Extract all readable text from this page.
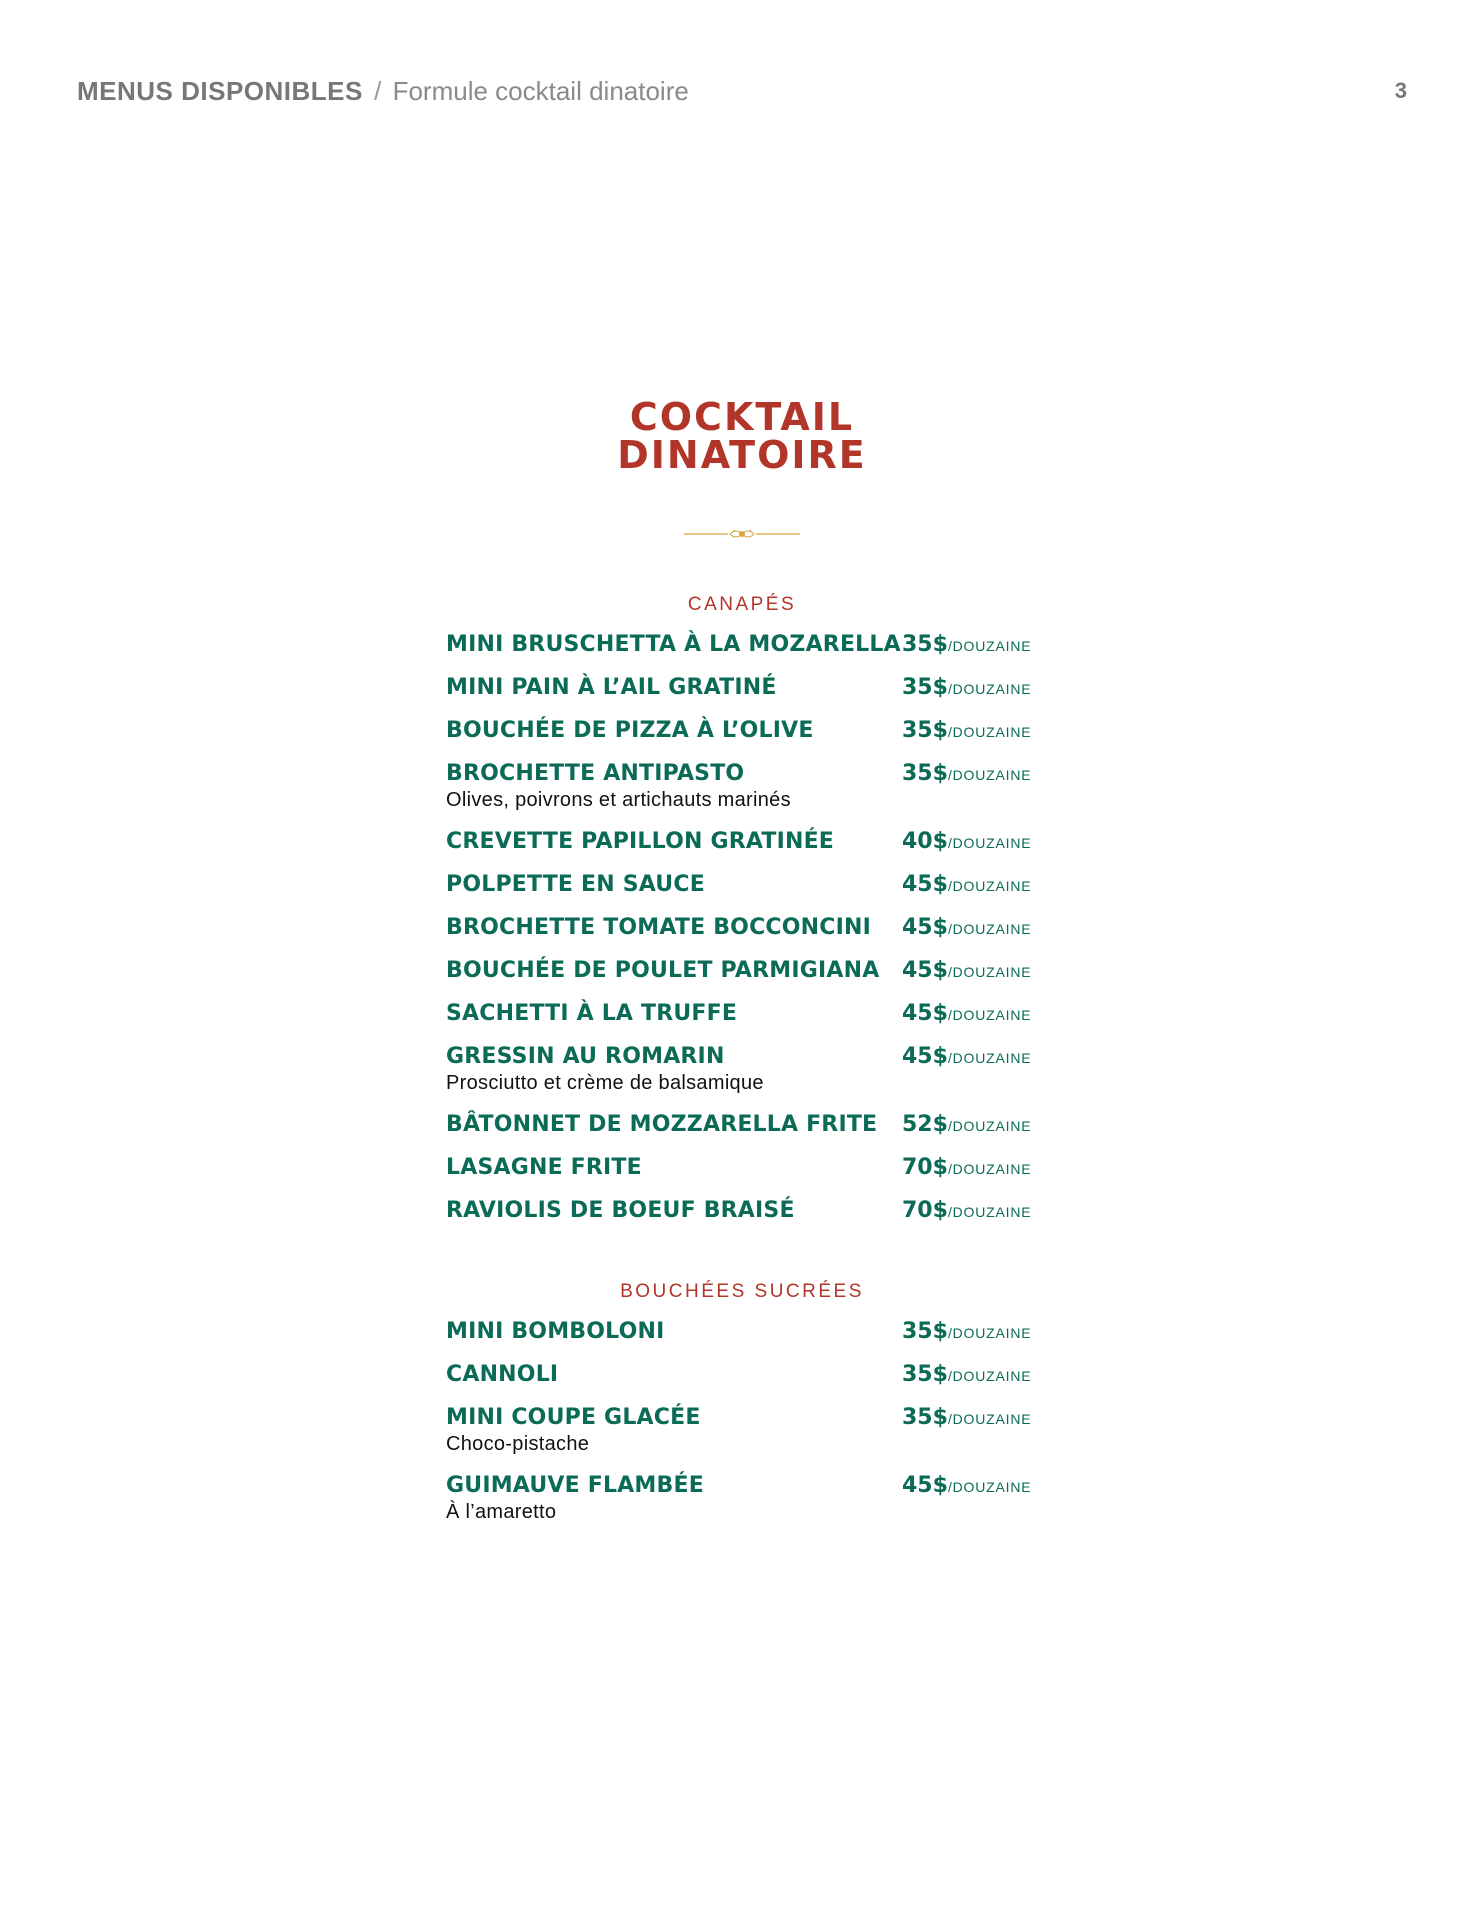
MENUS DISPONIBLES / Formule cocktail dinatoire	3
COCKTAIL
DINATOIRE
CANAPÉS
MINI BRUSCHETTA À LA MOZARELLA 35$/DOUZAINE
MINI PAIN À L’AIL GRATINÉ	35$/DOUZAINE
BOUCHÉE DE PIZZA À L’OLIVE	35$/DOUZAINE
BROCHETTE ANTIPASTO	35$/DOUZAINE
Olives, poivrons et artichauts marinés
CREVETTE PAPILLON GRATINÉE	40$/DOUZAINE
POLPETTE EN SAUCE	45$/DOUZAINE
BROCHETTE TOMATE BOCCONCINI 45$/DOUZAINE
BOUCHÉE DE POULET PARMIGIANA 45$/DOUZAINE
SACHETTI À LA TRUFFE	45$/DOUZAINE
GRESSIN AU ROMARIN	45$/DOUZAINE
Prosciutto et crème de balsamique
BÂTONNET DE MOZZARELLA FRITE 52$/DOUZAINE
LASAGNE FRITE	70$/DOUZAINE
RAVIOLIS DE BOEUF BRAISÉ	70$/DOUZAINE
BOUCHÉES SUCRÉES
MINI BOMBOLONI	35$/DOUZAINE
CANNOLI	35$/DOUZAINE
MINI COUPE GLACÉE	35$/DOUZAINE
Choco-pistache
GUIMAUVE FLAMBÉE	45$/DOUZAINE
À l’amaretto
